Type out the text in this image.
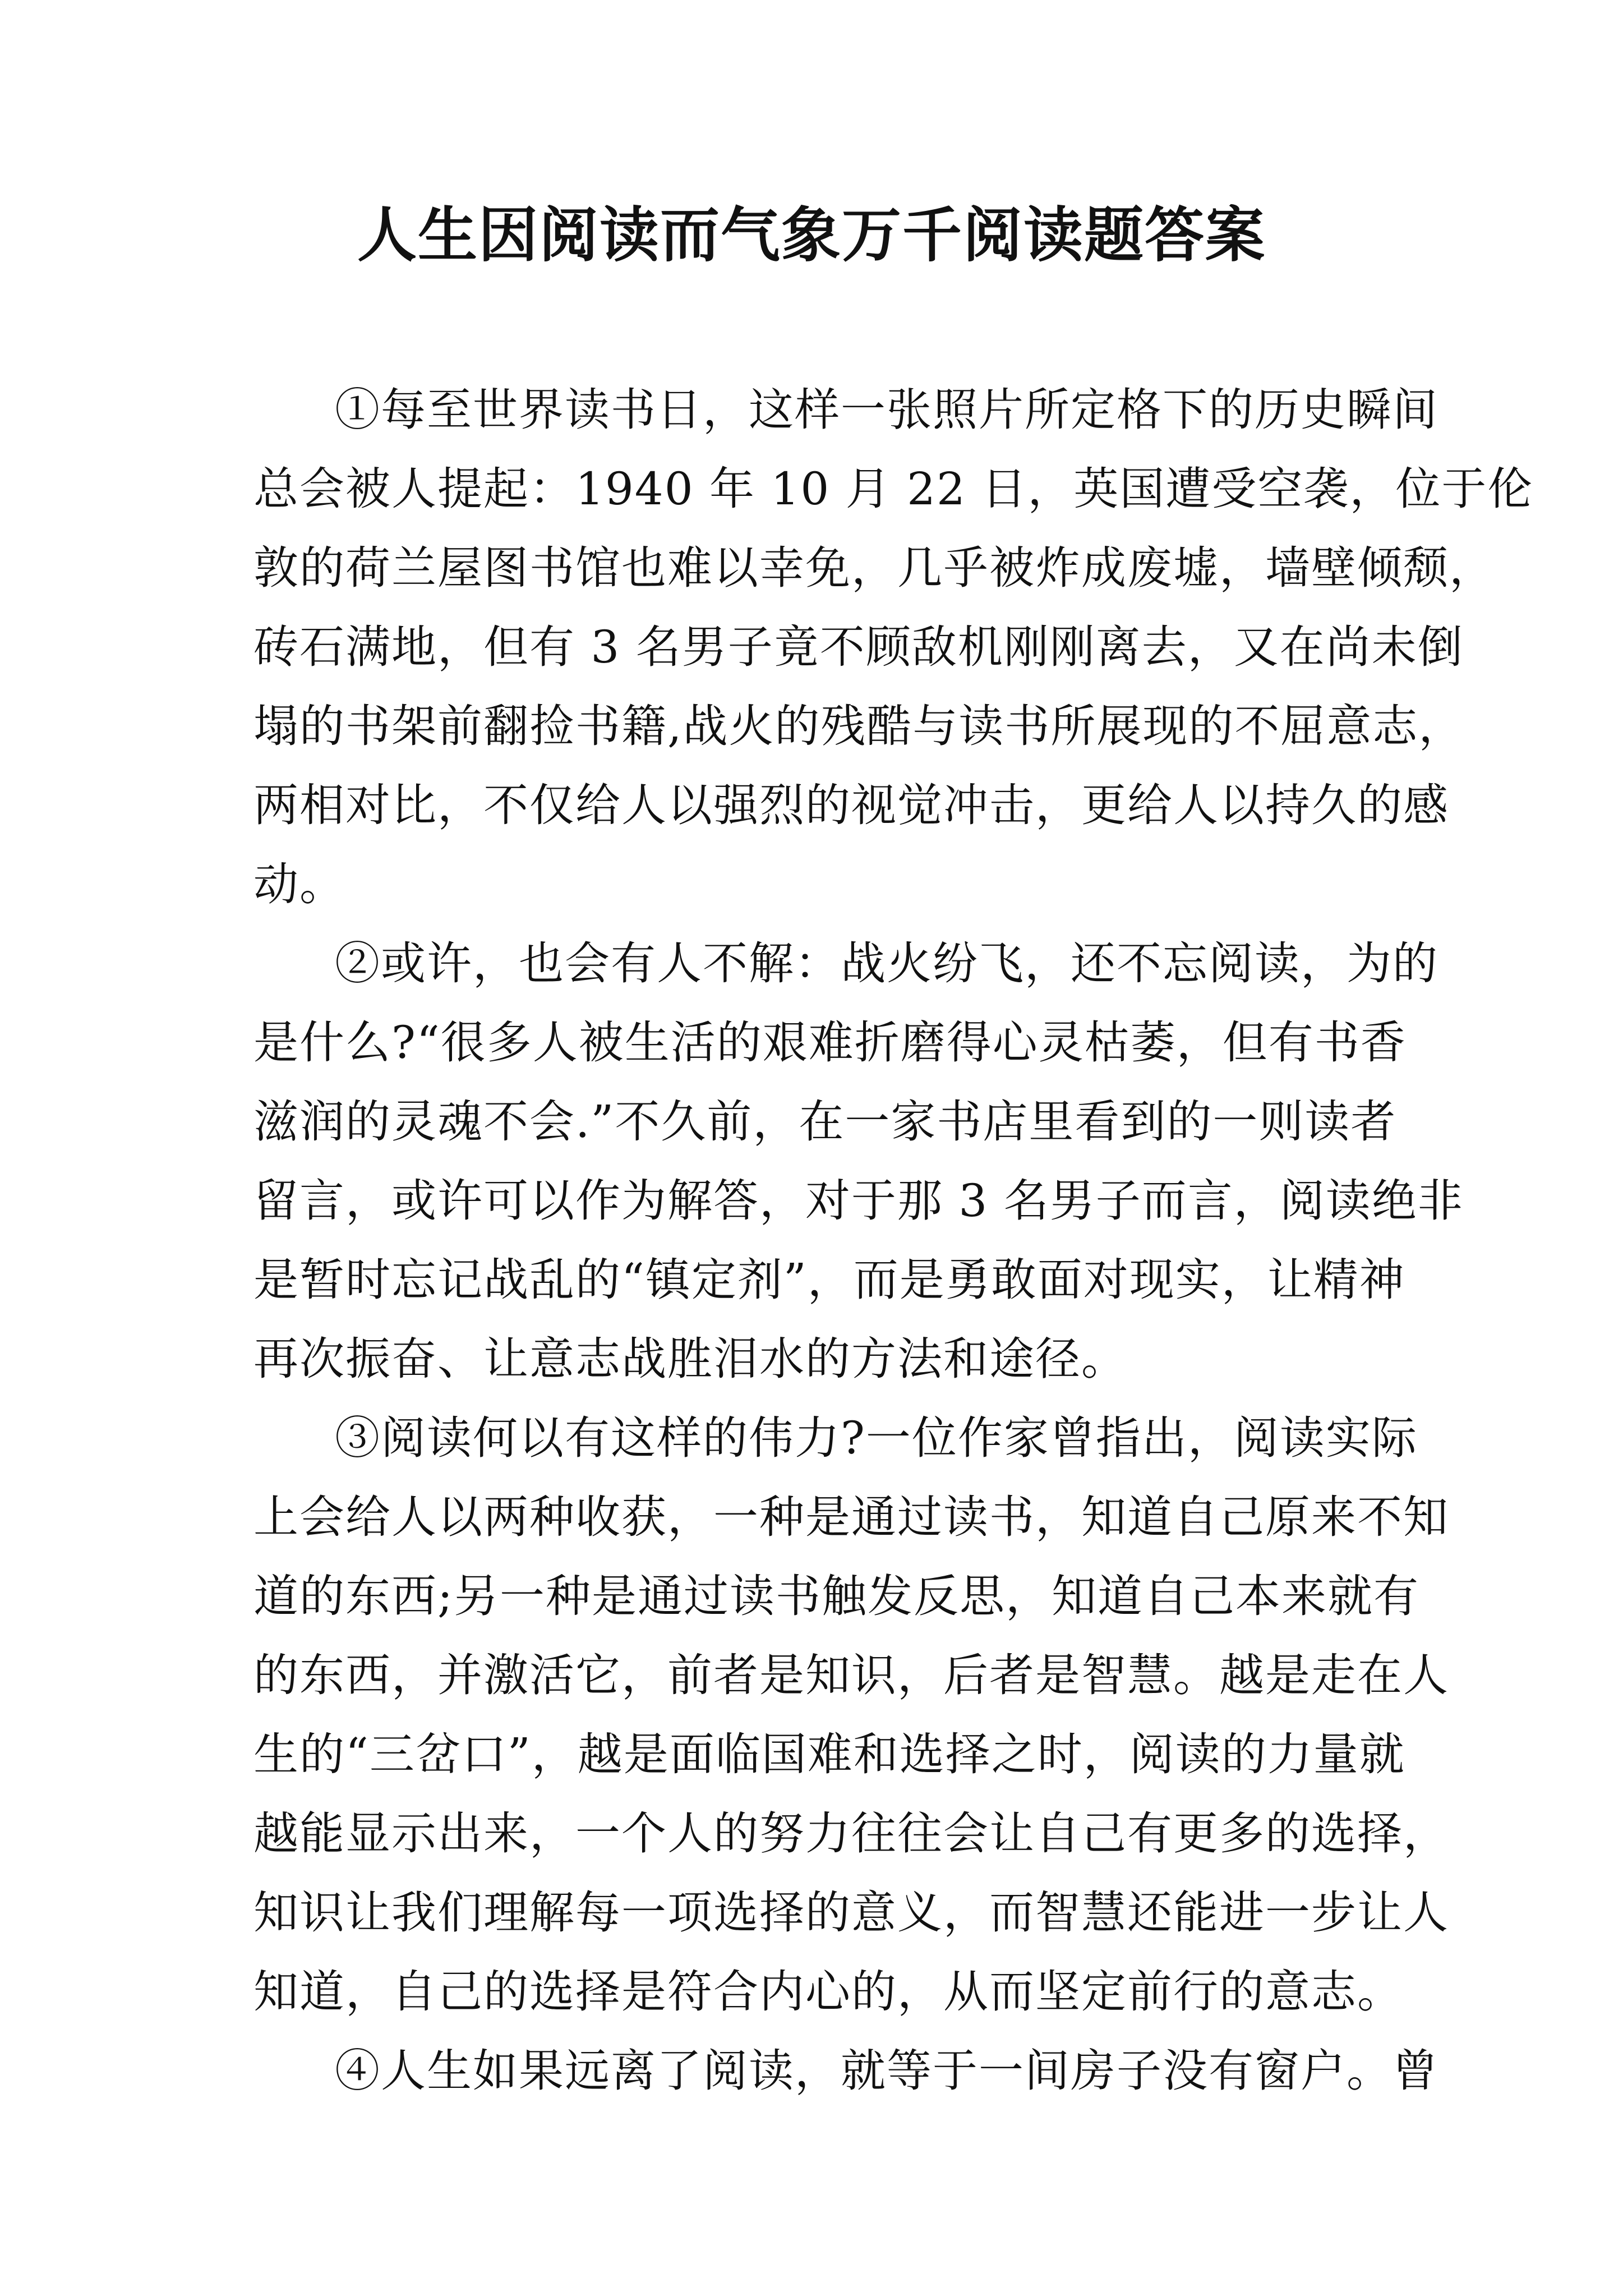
人生因阅读而气象万千阅读题答案
①每至世界读书日，这样一张照片所定格下的历史瞬间
总会被人提起：1940 年 10 月 22 日，英国遭受空袭，位于伦
敦的荷兰屋图书馆也难以幸免，几乎被炸成废墟，墙壁倾颓，
砖石满地，但有 3 名男子竟不顾敌机刚刚离去，又在尚未倒
塌的书架前翻捡书籍,战火的残酷与读书所展现的不屈意志，
两相对比，不仅给人以强烈的视觉冲击，更给人以持久的感
动。
②或许，也会有人不解：战火纷飞，还不忘阅读，为的
是什么?“很多人被生活的艰难折磨得心灵枯萎，但有书香
滋润的灵魂不会.”不久前，在一家书店里看到的一则读者
留言，或许可以作为解答，对于那 3 名男子而言，阅读绝非
是暂时忘记战乱的“镇定剂”，而是勇敢面对现实，让精神
再次振奋、让意志战胜泪水的方法和途径。
③阅读何以有这样的伟力?一位作家曾指出，阅读实际
上会给人以两种收获，一种是通过读书，知道自己原来不知
道的东西;另一种是通过读书触发反思，知道自己本来就有
的东西，并激活它，前者是知识，后者是智慧。越是走在人
生的“三岔口”，越是面临国难和选择之时，阅读的力量就
越能显示出来，一个人的努力往往会让自己有更多的选择，
知识让我们理解每一项选择的意义，而智慧还能进一步让人
知道，自己的选择是符合内心的，从而坚定前行的意志。
④人生如果远离了阅读，就等于一间房子没有窗户。曾
